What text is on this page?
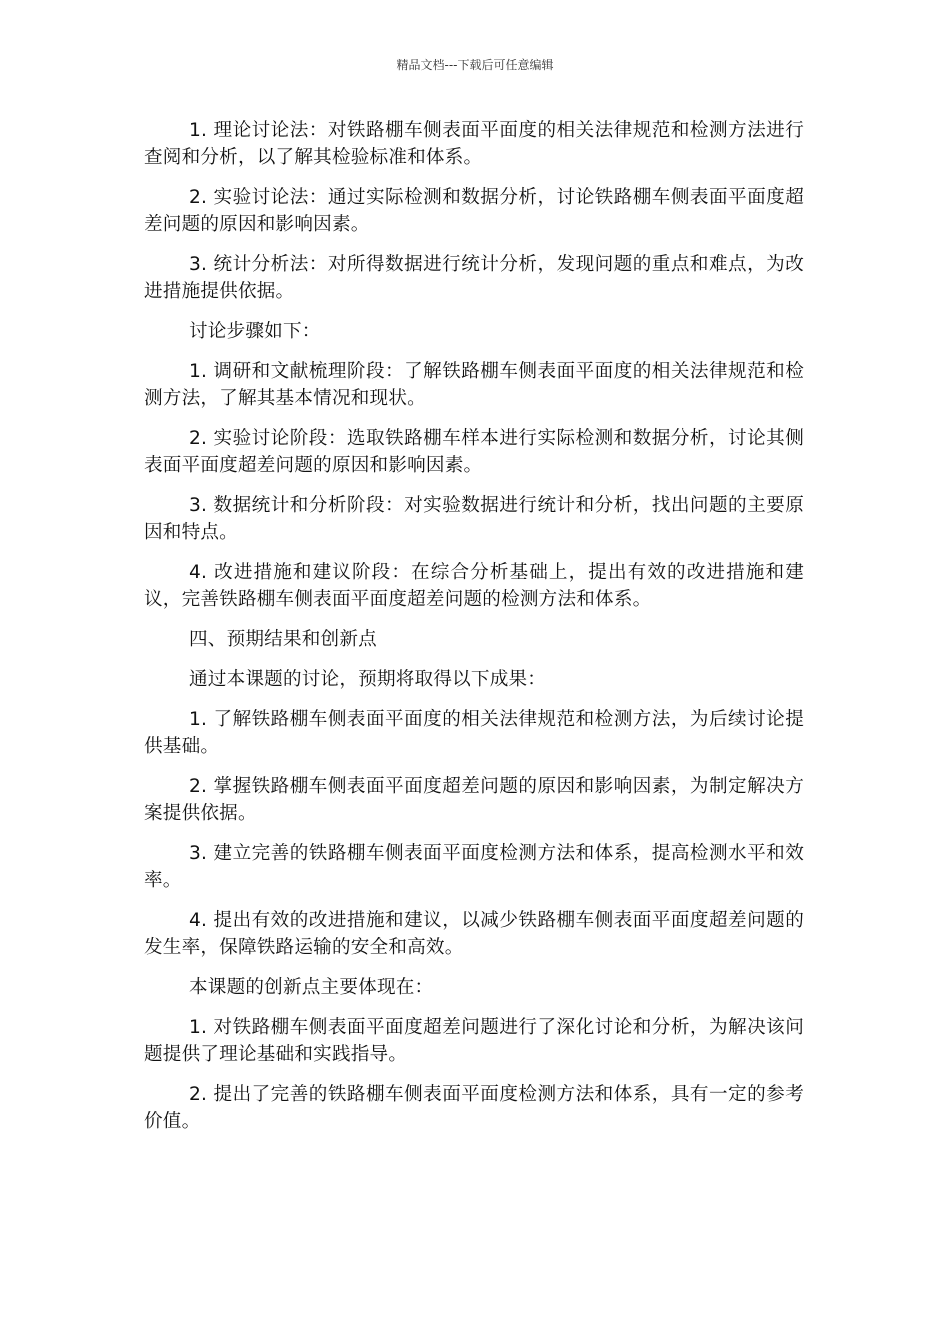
精品文档---下载后可任意编辑

1. 理论讨论法：对铁路棚车侧表面平面度的相关法律规范和检测方法进行查阅和分析，以了解其检验标准和体系。

2. 实验讨论法：通过实际检测和数据分析，讨论铁路棚车侧表面平面度超差问题的原因和影响因素。

3. 统计分析法：对所得数据进行统计分析，发现问题的重点和难点，为改进措施提供依据。

讨论步骤如下：

1. 调研和文献梳理阶段：了解铁路棚车侧表面平面度的相关法律规范和检测方法，了解其基本情况和现状。

2. 实验讨论阶段：选取铁路棚车样本进行实际检测和数据分析，讨论其侧表面平面度超差问题的原因和影响因素。

3. 数据统计和分析阶段：对实验数据进行统计和分析，找出问题的主要原因和特点。

4. 改进措施和建议阶段：在综合分析基础上，提出有效的改进措施和建议，完善铁路棚车侧表面平面度超差问题的检测方法和体系。

四、预期结果和创新点

通过本课题的讨论，预期将取得以下成果：

1. 了解铁路棚车侧表面平面度的相关法律规范和检测方法，为后续讨论提供基础。

2. 掌握铁路棚车侧表面平面度超差问题的原因和影响因素，为制定解决方案提供依据。

3. 建立完善的铁路棚车侧表面平面度检测方法和体系，提高检测水平和效率。

4. 提出有效的改进措施和建议，以减少铁路棚车侧表面平面度超差问题的发生率，保障铁路运输的安全和高效。

本课题的创新点主要体现在：

1. 对铁路棚车侧表面平面度超差问题进行了深化讨论和分析，为解决该问题提供了理论基础和实践指导。

2. 提出了完善的铁路棚车侧表面平面度检测方法和体系，具有一定的参考价值。
